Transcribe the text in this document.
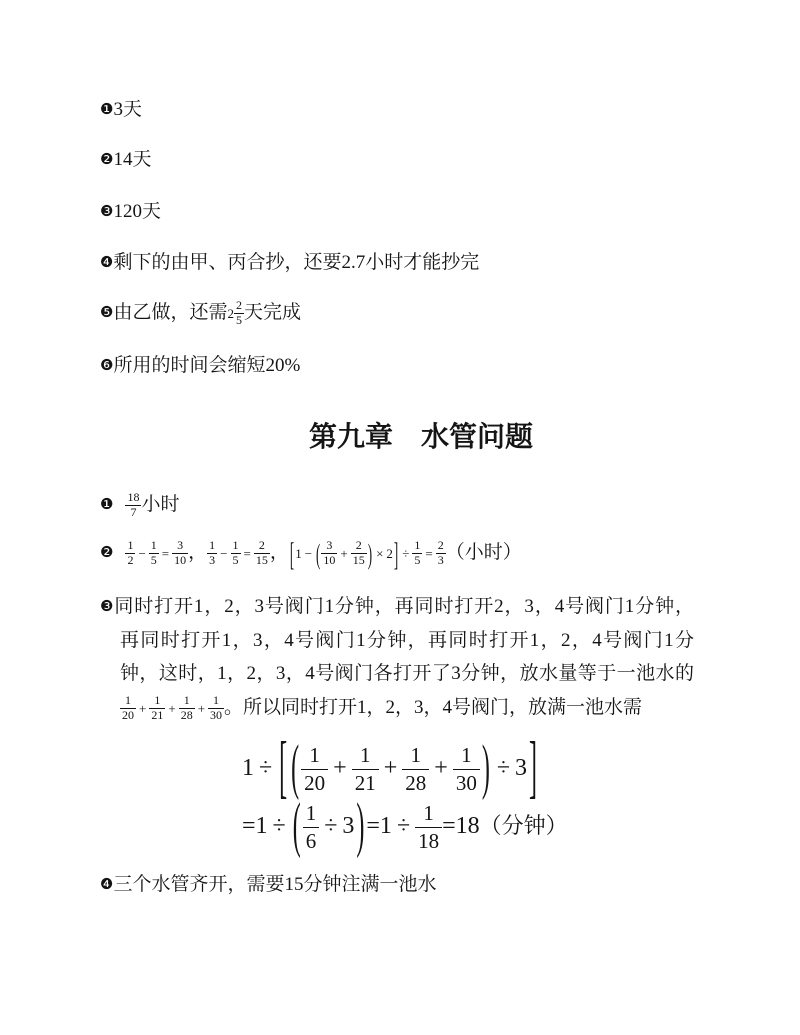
❶3天
❷14天
❸120天
❹剩下的由甲、丙合抄，还要2.7小时才能抄完
❺由乙做，还需$2 \frac{2}{5}$ 天完成
❻所用的时间会缩短20%
第九章　水管问题
❶ $\frac{18}{7}$ 小时
❷ $\frac{1}{2} - \frac{1}{5} = \frac{3}{10}$ ， $\frac{1}{3} - \frac{1}{5} = \frac{2}{15}$ ，[1 − ( $\frac{3}{10} + \frac{2}{15}$ ) × $2] \div \frac{1}{5} = \frac{2}{3}$ （小时）
❸同时打开1，2，3号阀门1分钟，再同时打开2，3，4号阀门1分钟，
再同时打开1，3，4号阀门1分钟，再同时打开1，2，4号阀门1分
钟，这时，1，2，3，4号阀门各打开了3分钟，放水量等于一池水的
$\frac{1}{20} + \frac{1}{21} + \frac{1}{28} + \frac{1}{30}$ 。所以同时打开1，2，3，4号阀门，放满一池水需
1 ÷ [ ( $\frac{1}{20} + \frac{1}{21} + \frac{1}{28} + \frac{1}{30}$ ) ÷ 3]
=1 ÷ ( $\frac{1}{6} \div 3)=1 \div \frac{1}{18} =18$（分钟）
❹三个水管齐开，需要15分钟注满一池水
